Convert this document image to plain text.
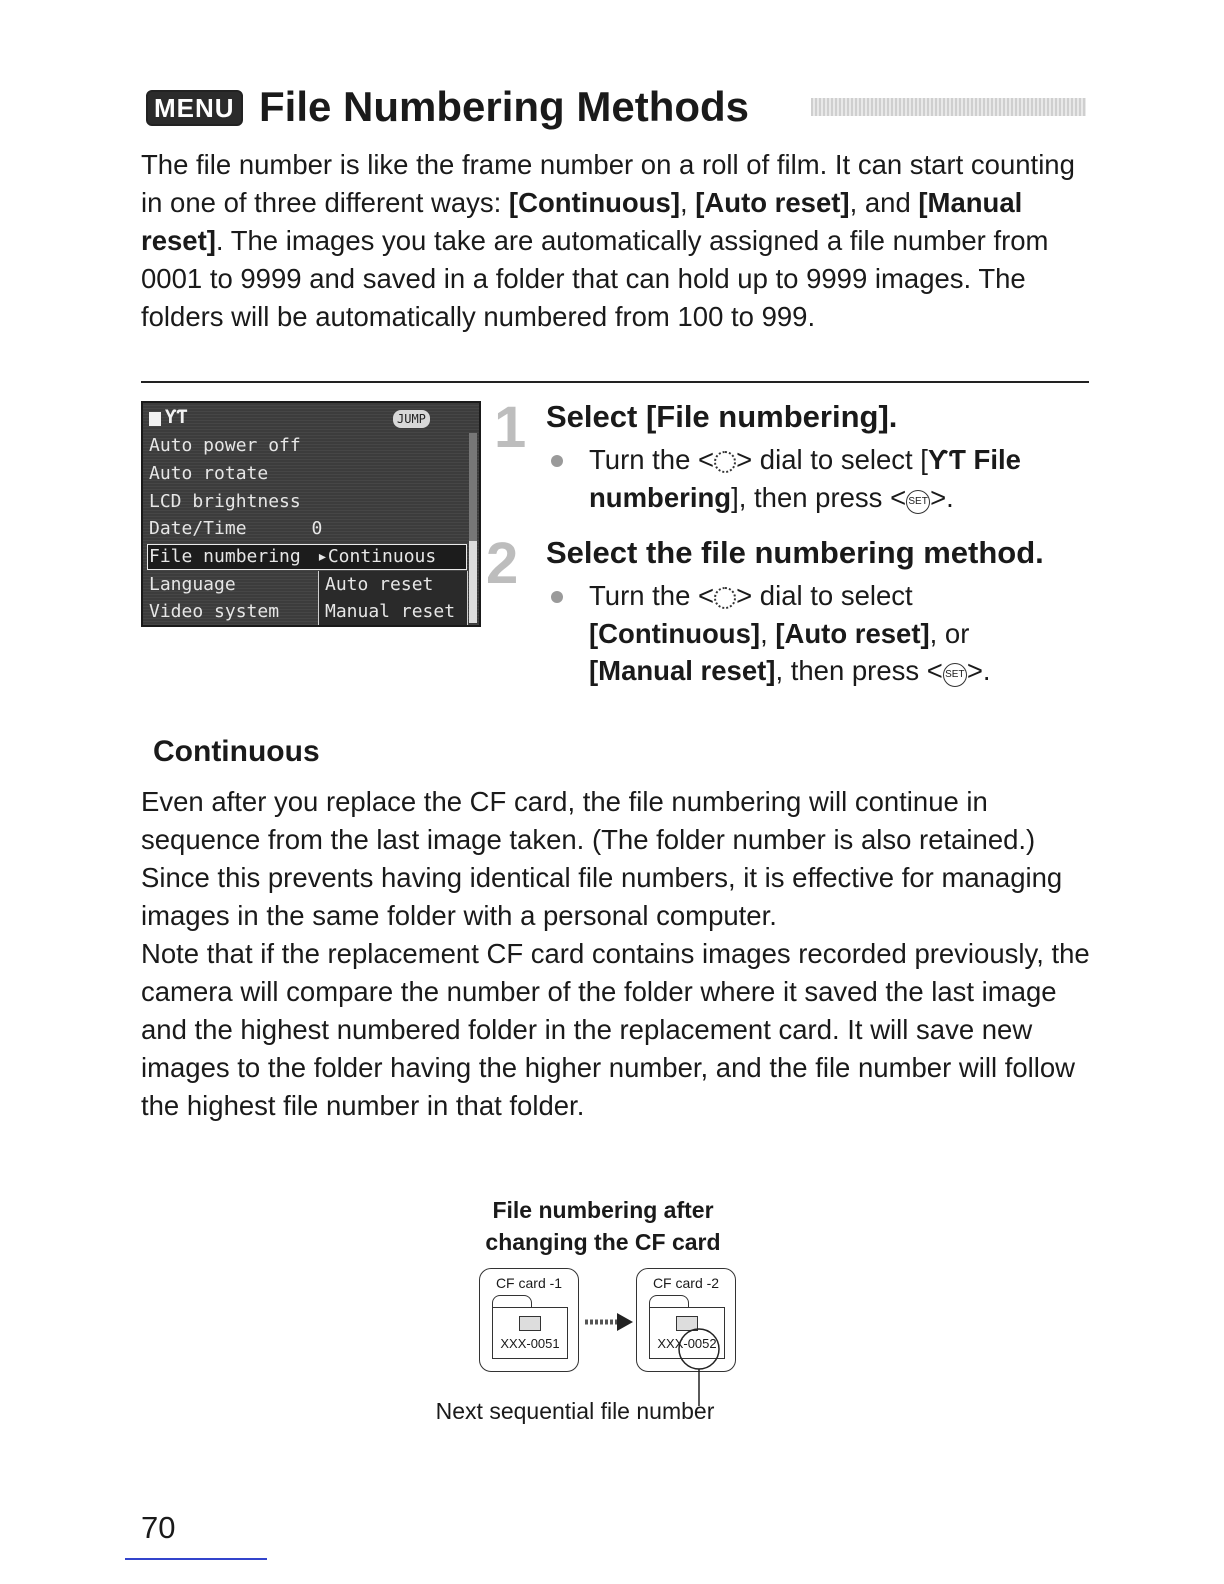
MENU File Numbering Methods
The file number is like the frame number on a roll of film. It can start counting in one of three different ways: [Continuous], [Auto reset], and [Manual reset]. The images you take are automatically assigned a file number from 0001 to 9999 and saved in a folder that can hold up to 9999 images. The folders will be automatically numbered from 100 to 999.
ƳƬ	JUMP
Auto power off
Auto rotate
LCD brightness
Date/Time      0
File numbering
Language
Video system
▸Continuous
Auto reset
Manual reset
1 Select [File numbering].
Turn the < > dial to select [ƳƬ File
numbering], then press < SET>.
2 Select the file numbering method.
Turn the < > dial to select
[Continuous], [Auto reset], or
[Manual reset], then press < SET>.
Continuous
Even after you replace the CF card, the file numbering will continue in sequence from the last image taken. (The folder number is also retained.) Since this prevents having identical file numbers, it is effective for managing images in the same folder with a personal computer.
Note that if the replacement CF card contains images recorded previously, the camera will compare the number of the folder where it saved the last image and the highest numbered folder in the replacement card. It will save new images to the folder having the higher number, and the file number will follow the highest file number in that folder.
File numbering after
changing the CF card
CF card -1
XXX-0051
CF card -2
XXX-0052
Next sequential file number
70
